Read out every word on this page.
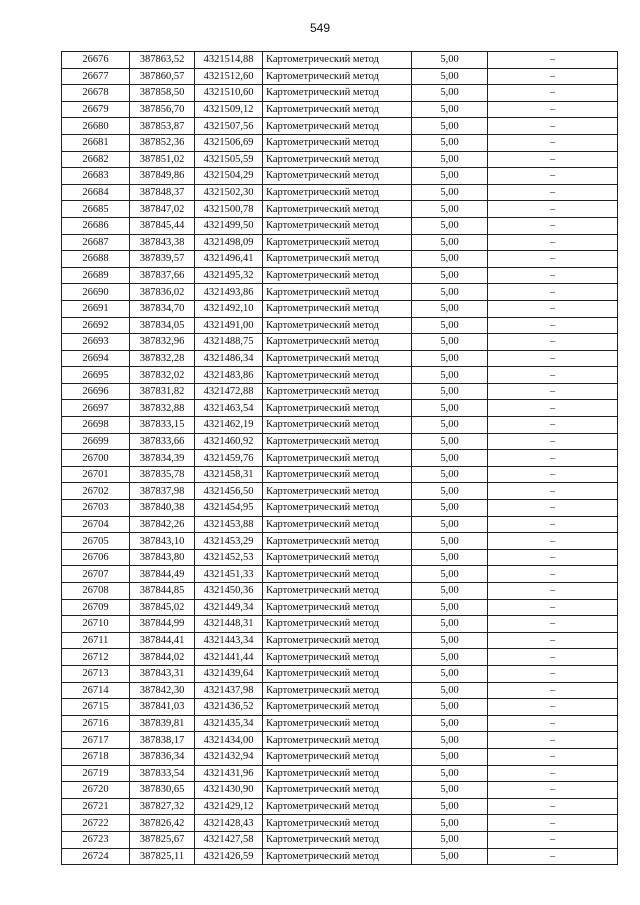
549
26676	387863,52	4321514,88	Картометрический метод	5,00	–
26677	387860,57	4321512,60	Картометрический метод	5,00	–
26678	387858,50	4321510,60	Картометрический метод	5,00	–
26679	387856,70	4321509,12	Картометрический метод	5,00	–
26680	387853,87	4321507,56	Картометрический метод	5,00	–
26681	387852,36	4321506,69	Картометрический метод	5,00	–
26682	387851,02	4321505,59	Картометрический метод	5,00	–
26683	387849,86	4321504,29	Картометрический метод	5,00	–
26684	387848,37	4321502,30	Картометрический метод	5,00	–
26685	387847,02	4321500,78	Картометрический метод	5,00	–
26686	387845,44	4321499,50	Картометрический метод	5,00	–
26687	387843,38	4321498,09	Картометрический метод	5,00	–
26688	387839,57	4321496,41	Картометрический метод	5,00	–
26689	387837,66	4321495,32	Картометрический метод	5,00	–
26690	387836,02	4321493,86	Картометрический метод	5,00	–
26691	387834,70	4321492,10	Картометрический метод	5,00	–
26692	387834,05	4321491,00	Картометрический метод	5,00	–
26693	387832,96	4321488,75	Картометрический метод	5,00	–
26694	387832,28	4321486,34	Картометрический метод	5,00	–
26695	387832,02	4321483,86	Картометрический метод	5,00	–
26696	387831,82	4321472,88	Картометрический метод	5,00	–
26697	387832,88	4321463,54	Картометрический метод	5,00	–
26698	387833,15	4321462,19	Картометрический метод	5,00	–
26699	387833,66	4321460,92	Картометрический метод	5,00	–
26700	387834,39	4321459,76	Картометрический метод	5,00	–
26701	387835,78	4321458,31	Картометрический метод	5,00	–
26702	387837,98	4321456,50	Картометрический метод	5,00	–
26703	387840,38	4321454,95	Картометрический метод	5,00	–
26704	387842,26	4321453,88	Картометрический метод	5,00	–
26705	387843,10	4321453,29	Картометрический метод	5,00	–
26706	387843,80	4321452,53	Картометрический метод	5,00	–
26707	387844,49	4321451,33	Картометрический метод	5,00	–
26708	387844,85	4321450,36	Картометрический метод	5,00	–
26709	387845,02	4321449,34	Картометрический метод	5,00	–
26710	387844,99	4321448,31	Картометрический метод	5,00	–
26711	387844,41	4321443,34	Картометрический метод	5,00	–
26712	387844,02	4321441,44	Картометрический метод	5,00	–
26713	387843,31	4321439,64	Картометрический метод	5,00	–
26714	387842,30	4321437,98	Картометрический метод	5,00	–
26715	387841,03	4321436,52	Картометрический метод	5,00	–
26716	387839,81	4321435,34	Картометрический метод	5,00	–
26717	387838,17	4321434,00	Картометрический метод	5,00	–
26718	387836,34	4321432,94	Картометрический метод	5,00	–
26719	387833,54	4321431,96	Картометрический метод	5,00	–
26720	387830,65	4321430,90	Картометрический метод	5,00	–
26721	387827,32	4321429,12	Картометрический метод	5,00	–
26722	387826,42	4321428,43	Картометрический метод	5,00	–
26723	387825,67	4321427,58	Картометрический метод	5,00	–
26724	387825,11	4321426,59	Картометрический метод	5,00	–
